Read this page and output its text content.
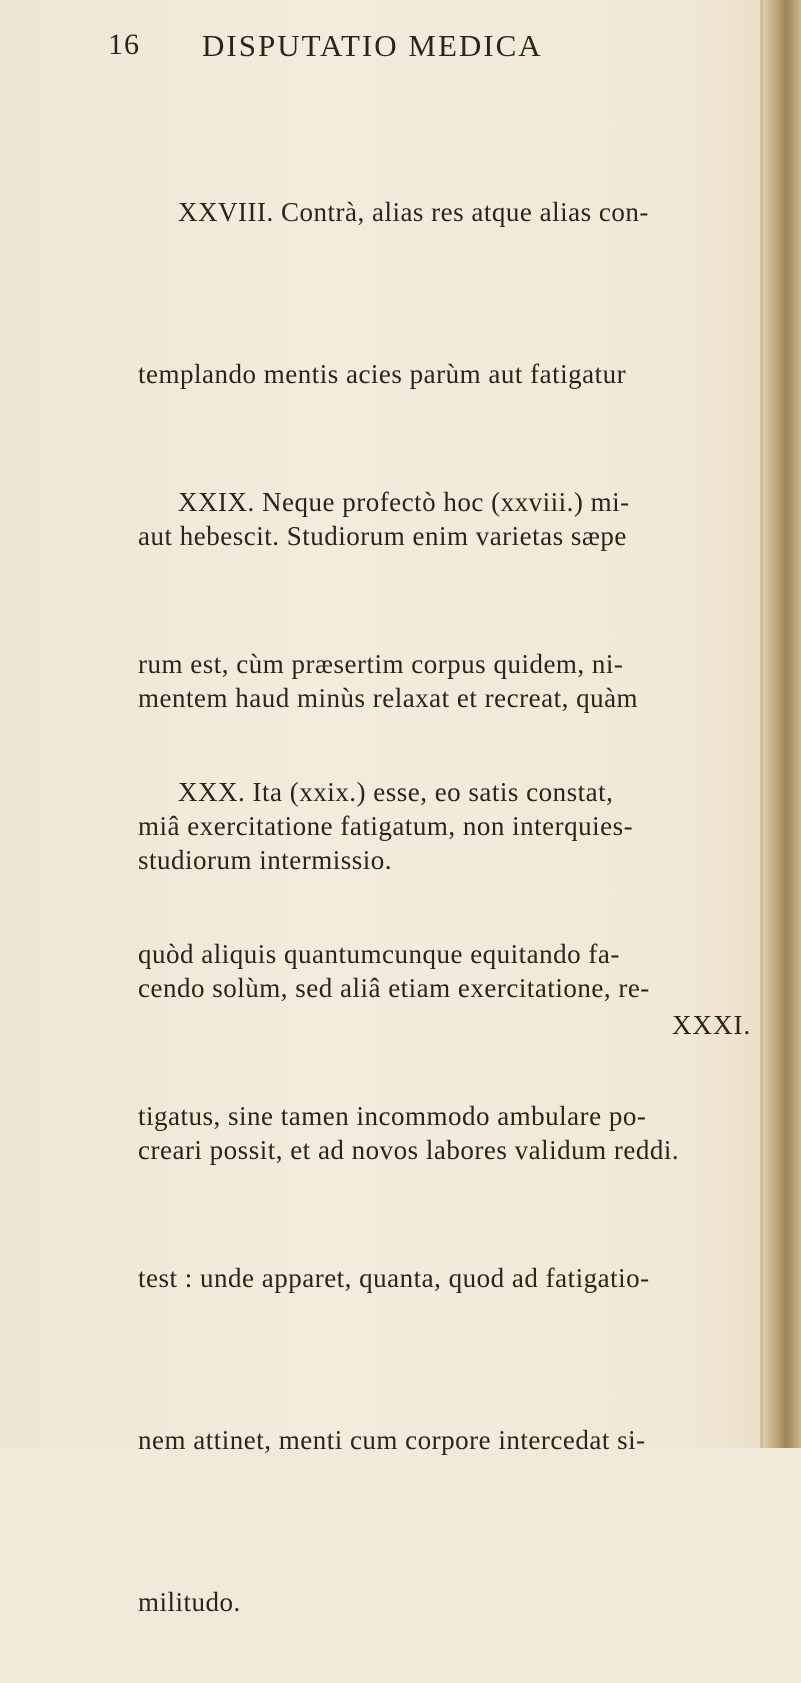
16 DISPUTATIO MEDICA

XXVIII. Contrà, alias res atque alias con-

templando mentis acies parùm aut fatigatur

aut hebescit. Studiorum enim varietas sæpe

mentem haud minùs relaxat et recreat, quàm

studiorum intermissio.

XXIX. Neque profectò hoc (xxviii.) mi-

rum est, cùm præsertim corpus quidem, ni-

miâ exercitatione fatigatum, non interquies-

cendo solùm, sed aliâ etiam exercitatione, re-

creari possit, et ad novos labores validum reddi.

XXX. Ita (xxix.) esse, eo satis constat,

quòd aliquis quantumcunque equitando fa-

tigatus, sine tamen incommodo ambulare po-

test : unde apparet, quanta, quod ad fatigatio-

nem attinet, menti cum corpore intercedat si-

militudo.

XXXI.
